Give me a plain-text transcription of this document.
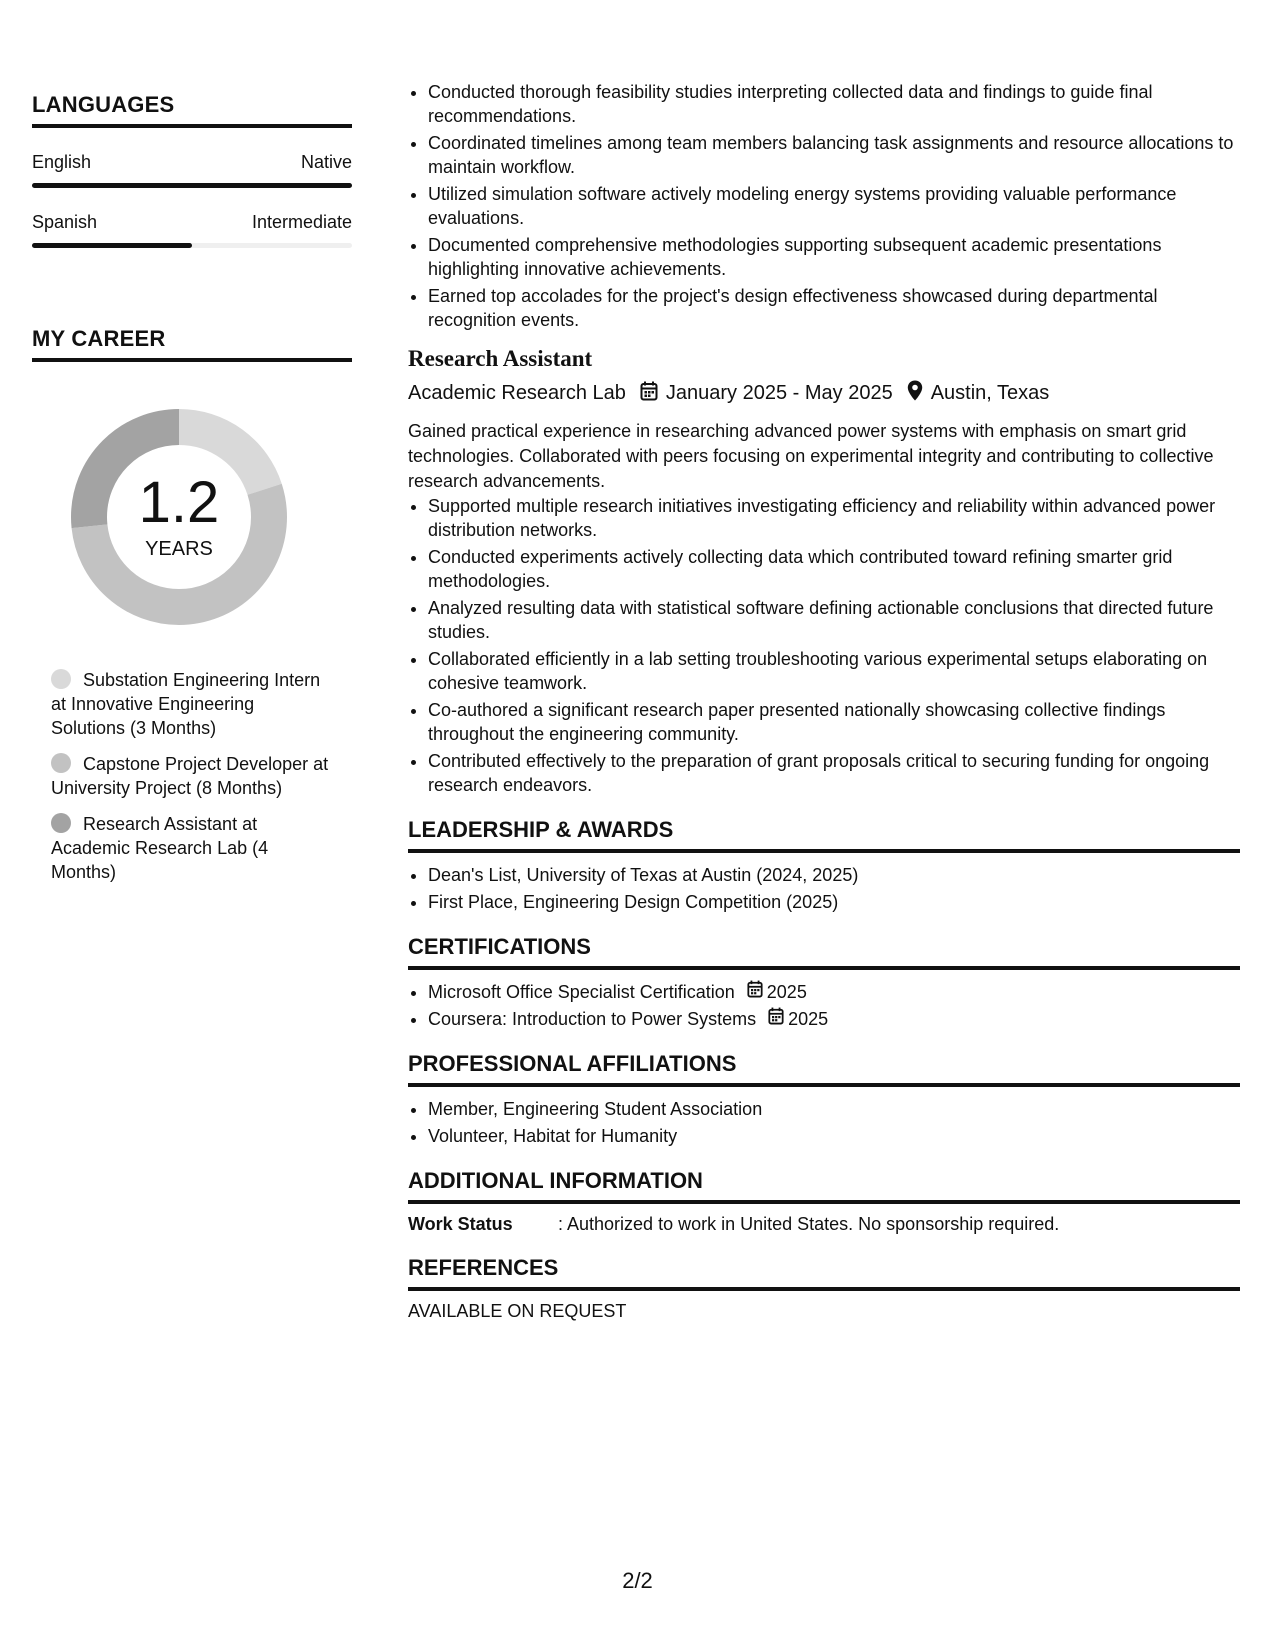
LANGUAGES
English	Native
Spanish	Intermediate
MY CAREER
1.2
YEARS
Substation Engineering Intern at Innovative Engineering Solutions (3 Months)
Capstone Project Developer at University Project (8 Months)
Research Assistant at Academic Research Lab (4 Months)
• Conducted thorough feasibility studies interpreting collected data and findings to guide final recommendations.
• Coordinated timelines among team members balancing task assignments and resource allocations to maintain workflow.
• Utilized simulation software actively modeling energy systems providing valuable performance evaluations.
• Documented comprehensive methodologies supporting subsequent academic presentations highlighting innovative achievements.
• Earned top accolades for the project's design effectiveness showcased during departmental recognition events.
Research Assistant
Academic Research Lab January 2025 - May 2025 Austin, Texas
Gained practical experience in researching advanced power systems with emphasis on smart grid technologies. Collaborated with peers focusing on experimental integrity and contributing to collective research advancements.
• Supported multiple research initiatives investigating efficiency and reliability within advanced power distribution networks.
• Conducted experiments actively collecting data which contributed toward refining smarter grid methodologies.
• Analyzed resulting data with statistical software defining actionable conclusions that directed future studies.
• Collaborated efficiently in a lab setting troubleshooting various experimental setups elaborating on cohesive teamwork.
• Co-authored a significant research paper presented nationally showcasing collective findings throughout the engineering community.
• Contributed effectively to the preparation of grant proposals critical to securing funding for ongoing research endeavors.
LEADERSHIP & AWARDS
• Dean's List, University of Texas at Austin (2024, 2025)
• First Place, Engineering Design Competition (2025)
CERTIFICATIONS
• Microsoft Office Specialist Certification 2025
• Coursera: Introduction to Power Systems 2025
PROFESSIONAL AFFILIATIONS
• Member, Engineering Student Association
• Volunteer, Habitat for Humanity
ADDITIONAL INFORMATION
Work Status	: Authorized to work in United States. No sponsorship required.
REFERENCES
AVAILABLE ON REQUEST
2/2
